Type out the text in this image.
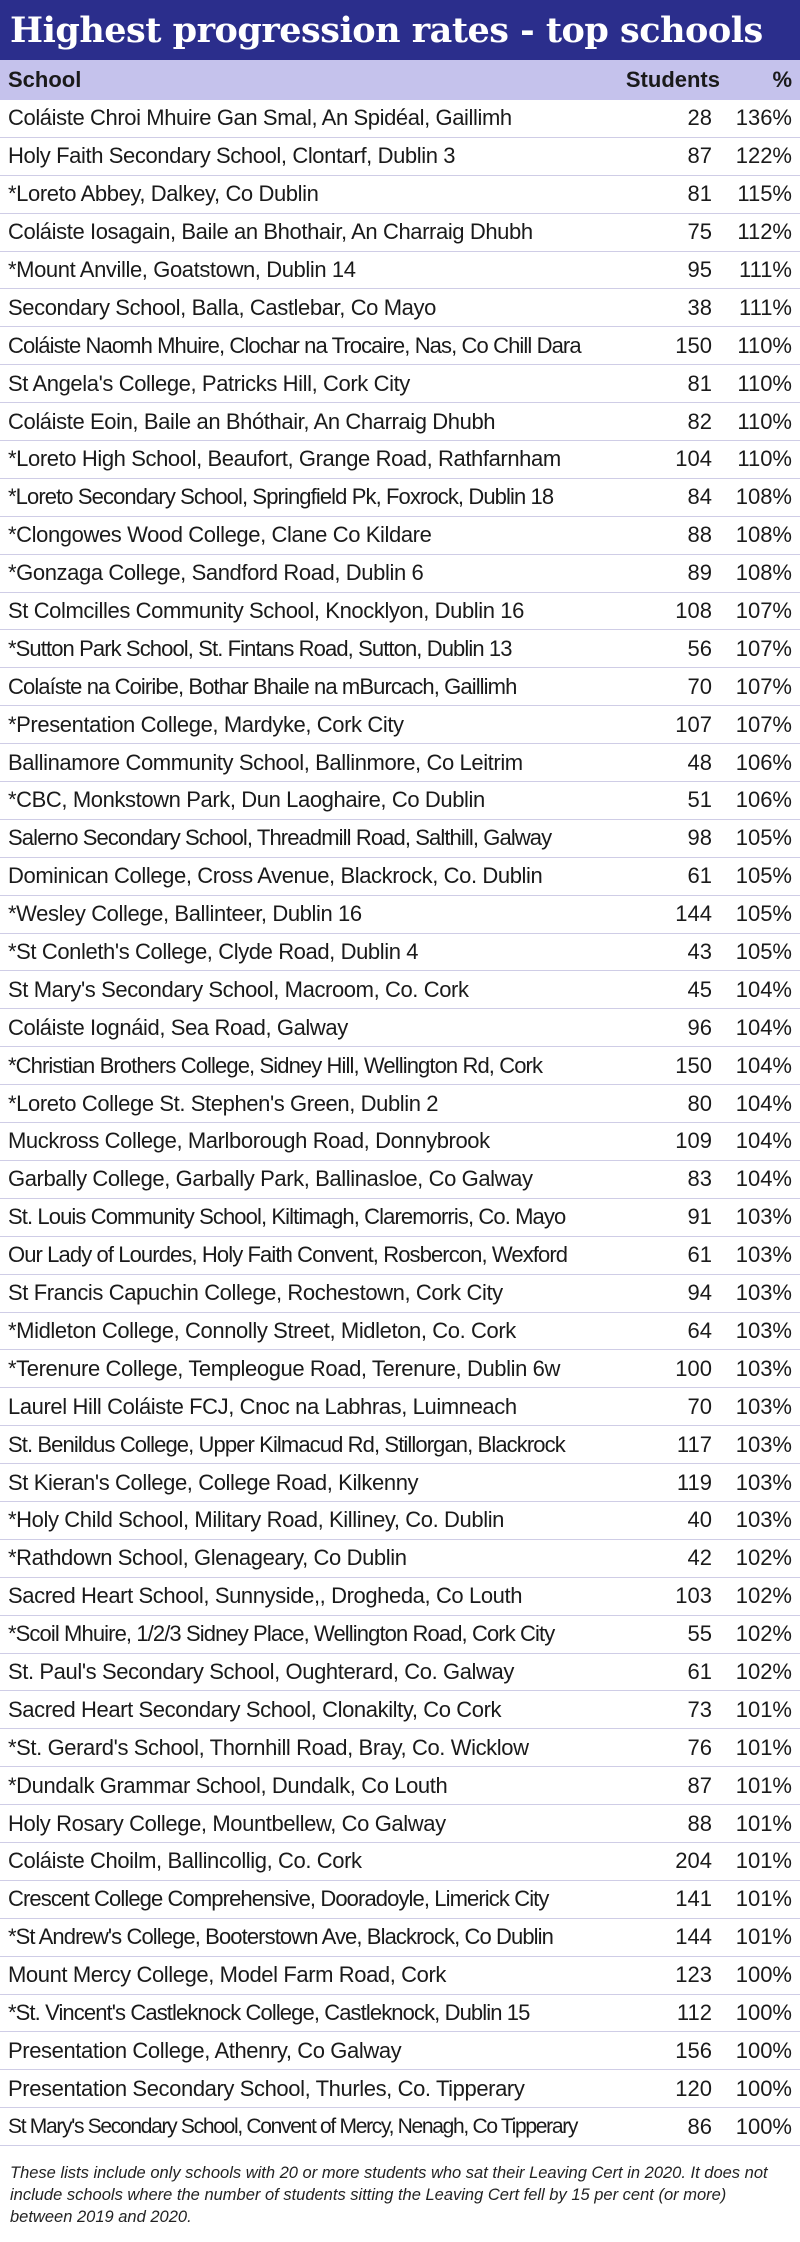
Highest progression rates - top schools
School	Students	%
Coláiste Chroi Mhuire Gan Smal, An Spidéal, Gaillimh	28	136%
Holy Faith Secondary School, Clontarf, Dublin 3	87	122%
*Loreto Abbey, Dalkey, Co Dublin	81	115%
Coláiste Iosagain, Baile an Bhothair, An Charraig Dhubh	75	112%
*Mount Anville, Goatstown, Dublin 14	95	111%
Secondary School, Balla, Castlebar, Co Mayo	38	111%
Coláiste Naomh Mhuire, Clochar na Trocaire, Nas, Co Chill Dara	150	110%
St Angela's College, Patricks Hill, Cork City	81	110%
Coláiste Eoin, Baile an Bhóthair, An Charraig Dhubh	82	110%
*Loreto High School, Beaufort, Grange Road, Rathfarnham	104	110%
*Loreto Secondary School, Springfield Pk, Foxrock, Dublin 18	84	108%
*Clongowes Wood College, Clane Co Kildare	88	108%
*Gonzaga College, Sandford Road, Dublin 6	89	108%
St Colmcilles Community School, Knocklyon, Dublin 16	108	107%
*Sutton Park School, St. Fintans Road, Sutton, Dublin 13	56	107%
Colaíste na Coiribe, Bothar Bhaile na mBurcach, Gaillimh	70	107%
*Presentation College, Mardyke, Cork City	107	107%
Ballinamore Community School, Ballinmore, Co Leitrim	48	106%
*CBC, Monkstown Park, Dun Laoghaire, Co Dublin	51	106%
Salerno Secondary School, Threadmill Road, Salthill, Galway	98	105%
Dominican College, Cross Avenue, Blackrock, Co. Dublin	61	105%
*Wesley College, Ballinteer, Dublin 16	144	105%
*St Conleth's College, Clyde Road, Dublin 4	43	105%
St Mary's Secondary School, Macroom, Co. Cork	45	104%
Coláiste Iognáid, Sea Road, Galway	96	104%
*Christian Brothers College, Sidney Hill, Wellington Rd, Cork	150	104%
*Loreto College St. Stephen's Green, Dublin 2	80	104%
Muckross College, Marlborough Road, Donnybrook	109	104%
Garbally College, Garbally Park, Ballinasloe, Co Galway	83	104%
St. Louis Community School, Kiltimagh, Claremorris, Co. Mayo	91	103%
Our Lady of Lourdes, Holy Faith Convent, Rosbercon, Wexford	61	103%
St Francis Capuchin College, Rochestown, Cork City	94	103%
*Midleton College, Connolly Street, Midleton, Co. Cork	64	103%
*Terenure College, Templeogue Road, Terenure, Dublin 6w	100	103%
Laurel Hill Coláiste FCJ, Cnoc na Labhras, Luimneach	70	103%
St. Benildus College, Upper Kilmacud Rd, Stillorgan, Blackrock	117	103%
St Kieran's College, College Road, Kilkenny	119	103%
*Holy Child School, Military Road, Killiney, Co. Dublin	40	103%
*Rathdown School, Glenageary, Co Dublin	42	102%
Sacred Heart School, Sunnyside,, Drogheda, Co Louth	103	102%
*Scoil Mhuire, 1/2/3 Sidney Place, Wellington Road, Cork City	55	102%
St. Paul's Secondary School, Oughterard, Co. Galway	61	102%
Sacred Heart Secondary School, Clonakilty, Co Cork	73	101%
*St. Gerard's School, Thornhill Road, Bray, Co. Wicklow	76	101%
*Dundalk Grammar School, Dundalk, Co Louth	87	101%
Holy Rosary College, Mountbellew, Co Galway	88	101%
Coláiste Choilm, Ballincollig, Co. Cork	204	101%
Crescent College Comprehensive, Dooradoyle, Limerick City	141	101%
*St Andrew's College, Booterstown Ave, Blackrock, Co Dublin	144	101%
Mount Mercy College, Model Farm Road, Cork	123	100%
*St. Vincent's Castleknock College, Castleknock, Dublin 15	112	100%
Presentation College, Athenry, Co Galway	156	100%
Presentation Secondary School, Thurles, Co. Tipperary	120	100%
St Mary's Secondary School, Convent of Mercy, Nenagh, Co Tipperary	86	100%
These lists include only schools with 20 or more students who sat their Leaving Cert in 2020. It does not include schools where the number of students sitting the Leaving Cert fell by 15 per cent (or more) between 2019 and 2020.
